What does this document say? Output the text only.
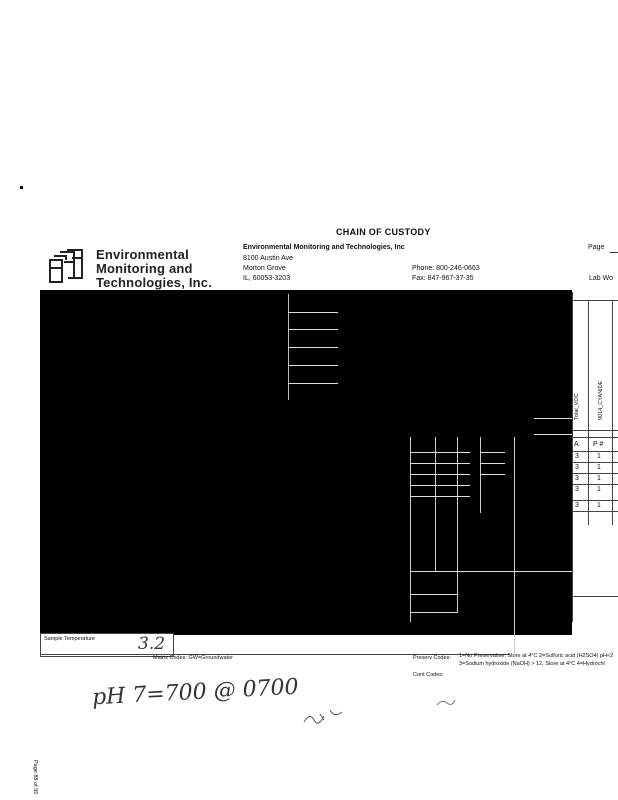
CHAIN OF CUSTODY
Environmental
Monitoring and
Technologies, Inc.
Environmental Monitoring and Technologies, Inc
8100 Austin Ave
Morton Grove
IL, 60053-3203
Phone: 800-246-0663
Fax: 847-967-37-35
Page
Lab Wo
Total_VOC	9014_CYANIDE
A P #
3	1
3	1
3	1
3	1
3	1
Sample Temperature	3.2
Matrix Codes: GW=Groundwater	Preserv Codes: 1=No Preservative, Store at 4°C 2=Sulfuric acid (H2SO4) pH<2
3=Sodium hydroxide (NaOH) > 12, Store at 4°C 4=Hydrochl
Cont Codes:
pH 7=700 @ 0700
Page 88 of 95
